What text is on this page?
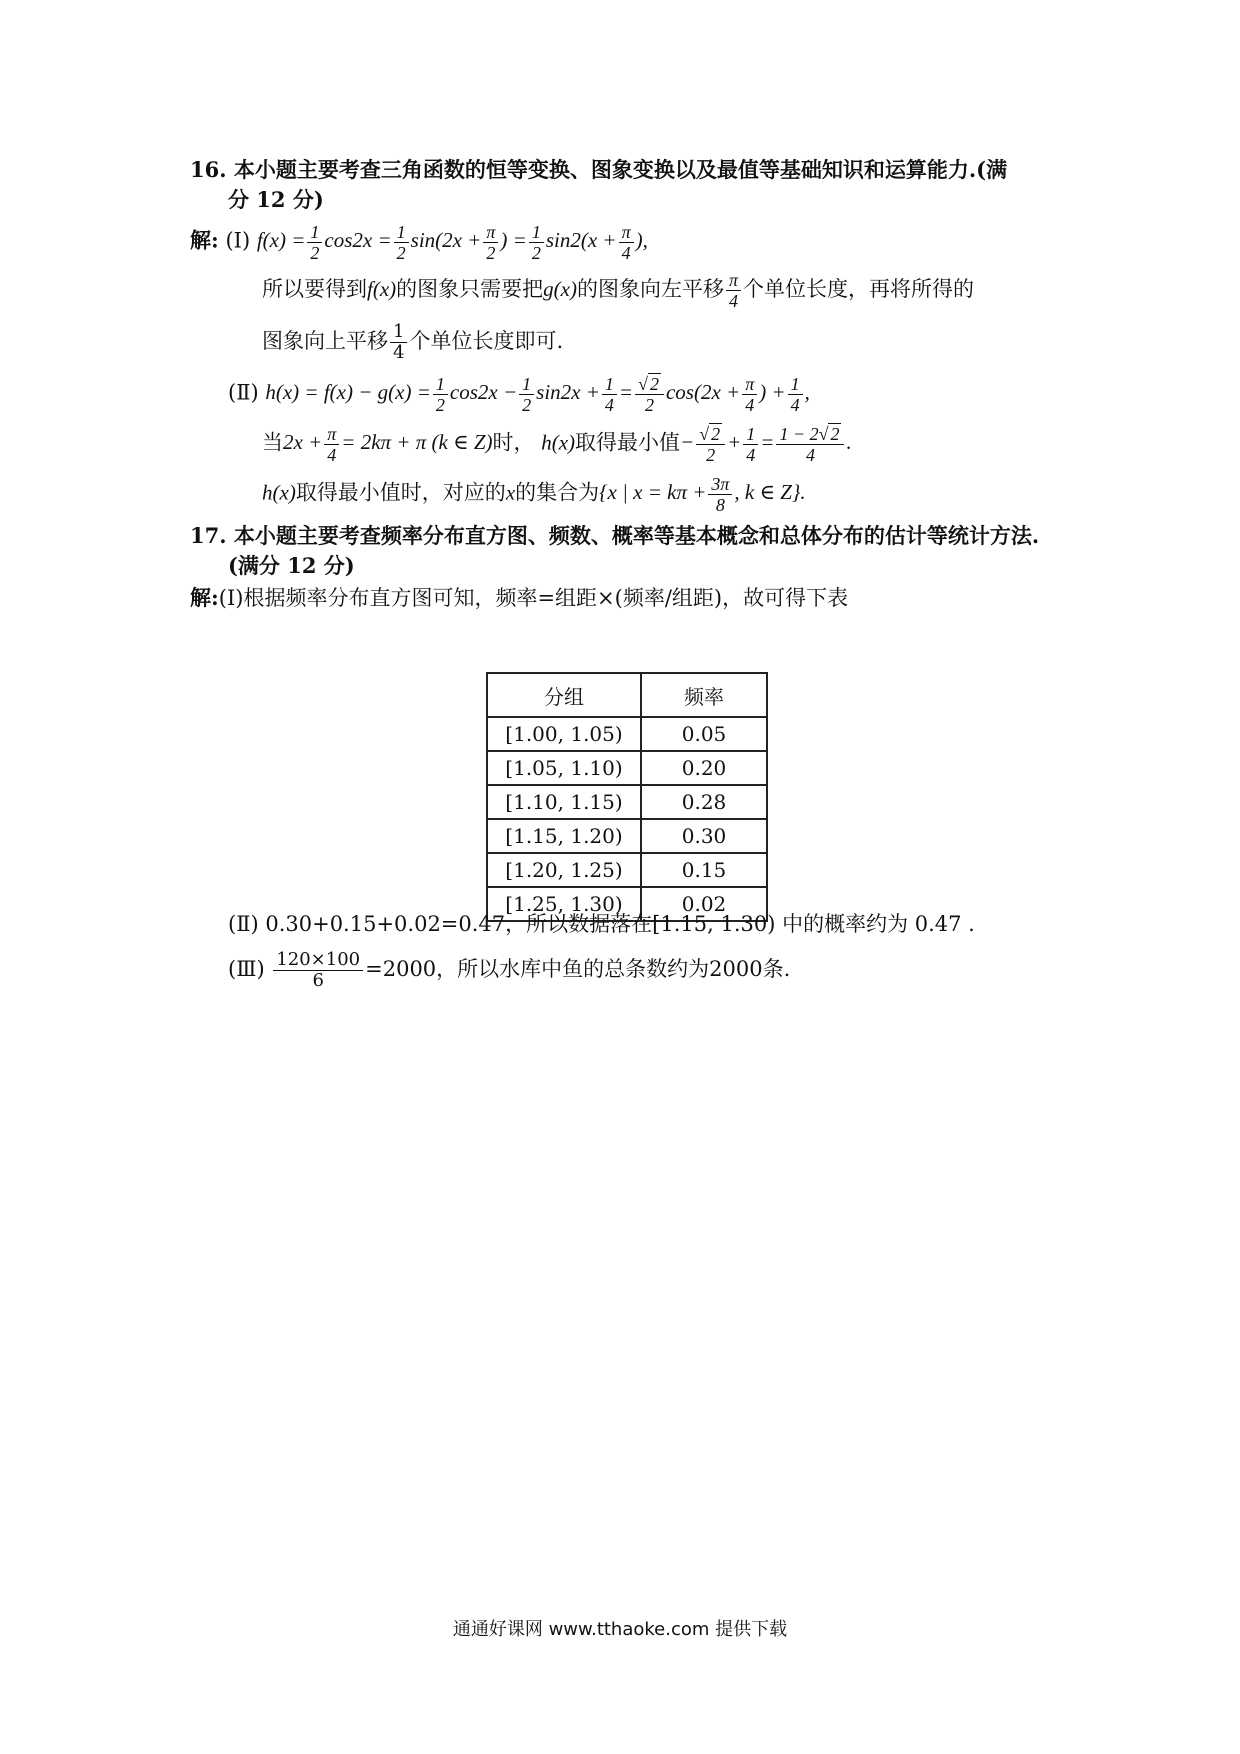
16. 本小题主要考查三角函数的恒等变换、图象变换以及最值等基础知识和运算能力.(满
分 12 分)
解: (Ⅰ) $f(x) = \frac{1}{2} \cos 2x = \frac{1}{2} \sin(2x + \frac{\pi}{2}$ ) = $\frac{1}{2} \sin 2(x + \frac{\pi}{4}$ ),
所以要得到f(x)的图象只需要把g(x)的图象向左平移 $\frac{\pi}{4}$ 个单位长度，再将所得的
图象向上平移 $\frac{1}{4}$ 个单位长度即可.
(Ⅱ) $h(x) = f(x) - g(x) = \frac{1}{2} \cos 2x - \frac{1}{2} \sin 2x + \frac{1}{4} = \frac{√ 2}{2} \cos(2x + \frac{\pi}{4}$ ) + $\frac{1}{4}$ ,
当$2x + \frac{\pi}{4} = 2k\pi + \pi$ (k ∈ Z)时， h(x)取得最小值− $\frac{√ 2}{2} + \frac{1}{4} = \frac{1 - 2√ 2}{4}$ .
h(x)取得最小值时，对应的x的集合为{x | $x = k\pi + \frac{3\pi}{8}$ , k ∈ Z}.
17. 本小题主要考查频率分布直方图、频数、概率等基本概念和总体分布的估计等统计方法.
(满分 12 分)
解:(Ⅰ)根据频率分布直方图可知，频率=组距×(频率/组距)，故可得下表
分组	频率
[1.00, 1.05)	0.05
[1.05, 1.10)	0.20
[1.10, 1.15)	0.28
[1.15, 1.20)	0.30
[1.20, 1.25)	0.15
[1.25, 1.30)	0.02
(Ⅱ) 0.30+0.15+0.02=0.47，所以数据落在[1.15, 1.30) 中的概率约为 0.47 .
(Ⅲ) $\frac{120\times 100}{6} =2000$，所以水库中鱼的总条数约为2000条.
通通好课网 www.tthaoke.com 提供下载
